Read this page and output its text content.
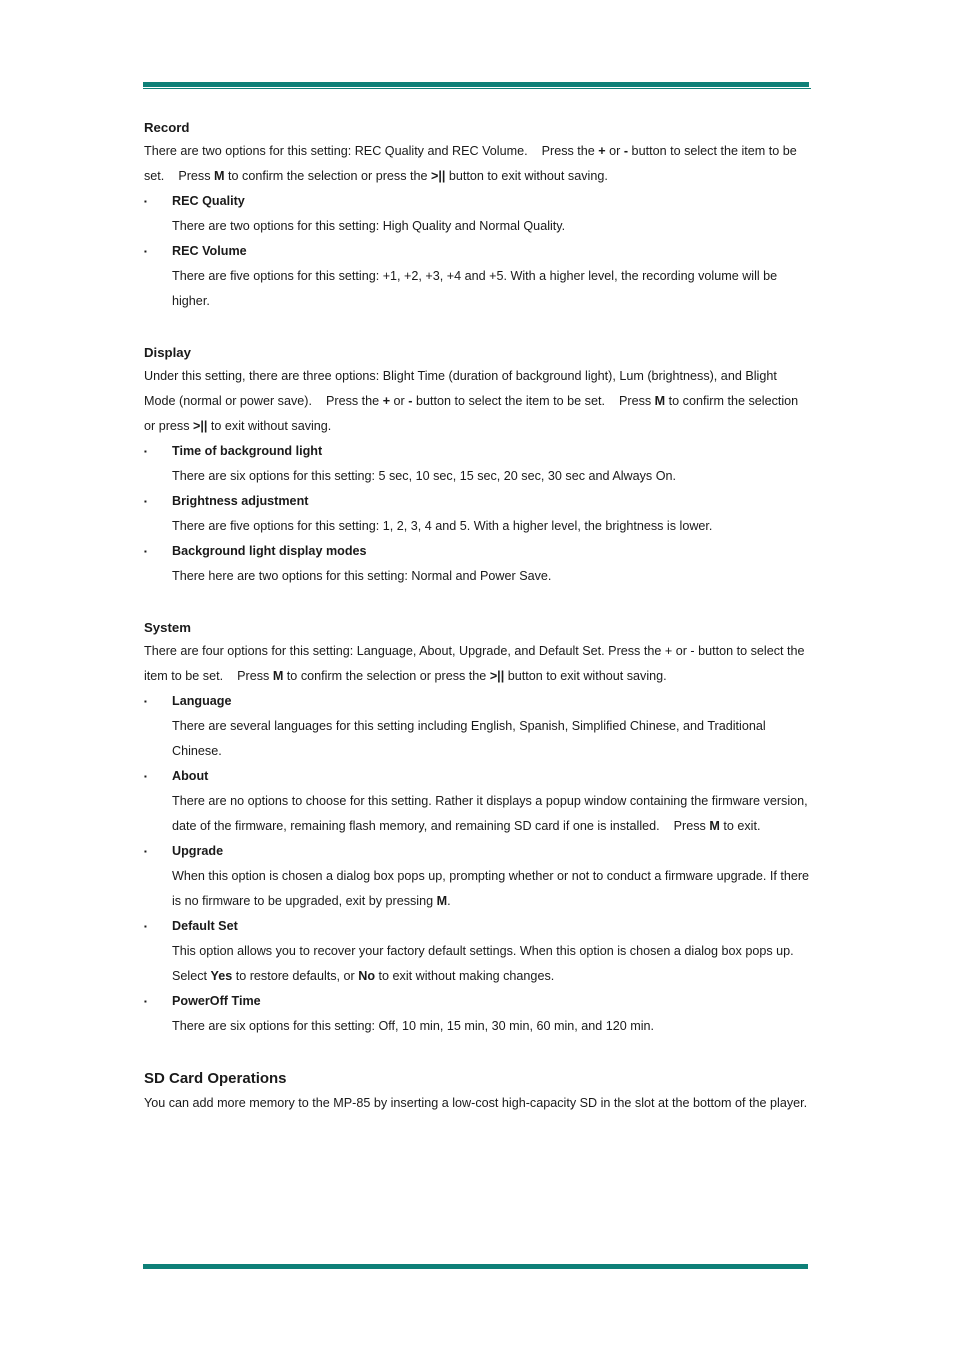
Record

There are two options for this setting: REC Quality and REC Volume.    Press the + or - button to select the item to be set.    Press M to confirm the selection or press the >|| button to exit without saving.

▪ REC Quality

There are two options for this setting: High Quality and Normal Quality.

▪ REC Volume

There are five options for this setting: +1, +2, +3, +4 and +5. With a higher level, the recording volume will be higher.

Display

Under this setting, there are three options: Blight Time (duration of background light), Lum (brightness), and Blight Mode (normal or power save).    Press the + or - button to select the item to be set.    Press M to confirm the selection or press >|| to exit without saving.

▪ Time of background light

There are six options for this setting: 5 sec, 10 sec, 15 sec, 20 sec, 30 sec and Always On.

▪ Brightness adjustment

There are five options for this setting: 1, 2, 3, 4 and 5. With a higher level, the brightness is lower.

▪ Background light display modes

There here are two options for this setting: Normal and Power Save.

System

There are four options for this setting: Language, About, Upgrade, and Default Set. Press the + or - button to select the item to be set.    Press M to confirm the selection or press the >|| button to exit without saving.

▪ Language

There are several languages for this setting including English, Spanish, Simplified Chinese, and Traditional Chinese.

▪ About

There are no options to choose for this setting. Rather it displays a popup window containing the firmware version, date of the firmware, remaining flash memory, and remaining SD card if one is installed.    Press M to exit.

▪ Upgrade

When this option is chosen a dialog box pops up, prompting whether or not to conduct a firmware upgrade. If there is no firmware to be upgraded, exit by pressing M.

▪ Default Set

This option allows you to recover your factory default settings. When this option is chosen a dialog box pops up. Select Yes to restore defaults, or No to exit without making changes.

▪ PowerOff Time

There are six options for this setting: Off, 10 min, 15 min, 30 min, 60 min, and 120 min.

SD Card Operations

You can add more memory to the MP-85 by inserting a low-cost high-capacity SD in the slot at the bottom of the player.
